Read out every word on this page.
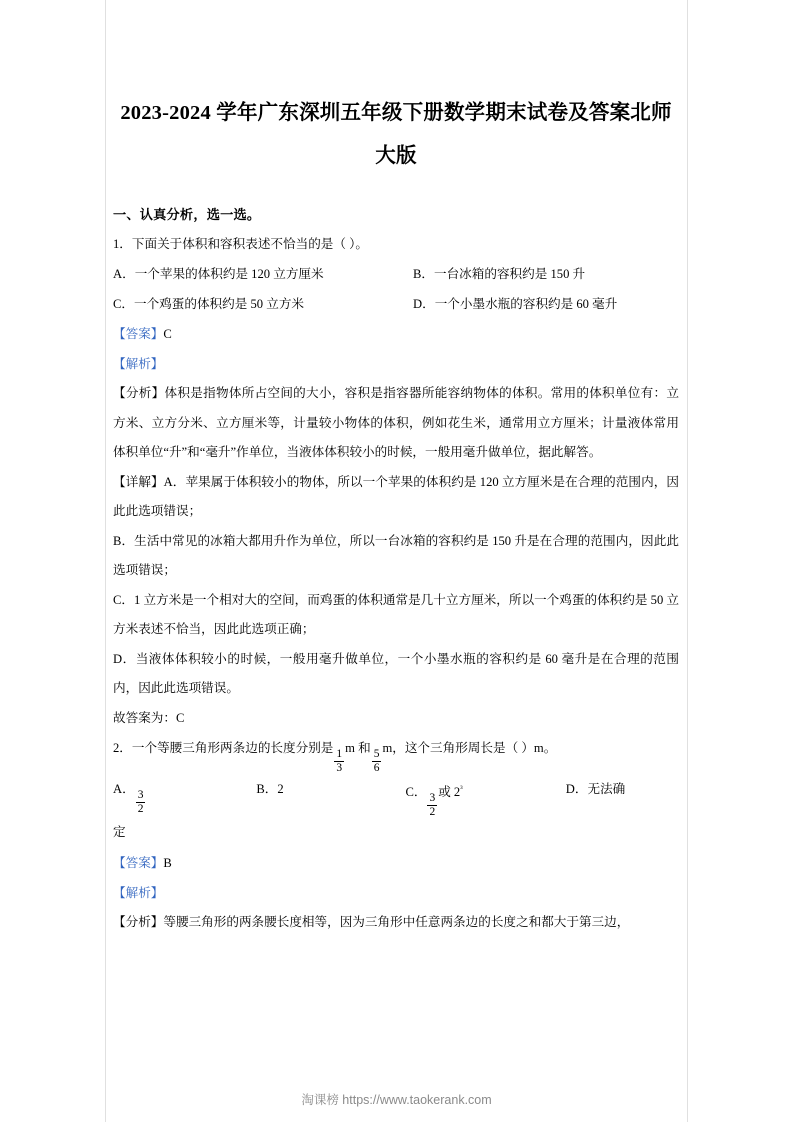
2023-2024 学年广东深圳五年级下册数学期末试卷及答案北师大版
一、认真分析，选一选。

1．下面关于体积和容积表述不恰当的是（ ）。

A．一个苹果的体积约是 120 立方厘米	B．一台冰箱的容积约是 150 升
C．一个鸡蛋的体积约是 50 立方米	D．一个小墨水瓶的容积约是 60 毫升
【答案】C
【解析】

【分析】体积是指物体所占空间的大小，容积是指容器所能容纳物体的体积。常用的体积单位有：立方米、立方分米、立方厘米等，计量较小物体的体积，例如花生米，通常用立方厘米；计量液体常用体积单位“升”和“毫升”作单位，当液体体积较小的时候，一般用毫升做单位，据此解答。

【详解】A．苹果属于体积较小的物体，所以一个苹果的体积约是 120 立方厘米是在合理的范围内，因此此选项错误；

B．生活中常见的冰箱大都用升作为单位，所以一台冰箱的容积约是 150 升是在合理的范围内，因此此选项错误；

C．1 立方米是一个相对大的空间，而鸡蛋的体积通常是几十立方厘米，所以一个鸡蛋的体积约是 50 立方米表述不恰当，因此此选项正确；

D．当液体体积较小的时候，一般用毫升做单位，一个小墨水瓶的容积约是 60 毫升是在合理的范围内，因此此选项错误。

故答案为：C

2．一个等腰三角形两条边的长度分别是
$\frac{1}{3}$
m 和
$\frac{5}{6}$
m，这个三角形周长是（ ）m。

A．
$\frac{3}{2}$
B．2	C．
$\frac{3}{2}$
或 $2^{^3}$	D．无法确

定

【答案】B
【解析】

【分析】等腰三角形的两条腰长度相等，因为三角形中任意两条边的长度之和都大于第三边，

淘课榜 https://www.taokerank.com
